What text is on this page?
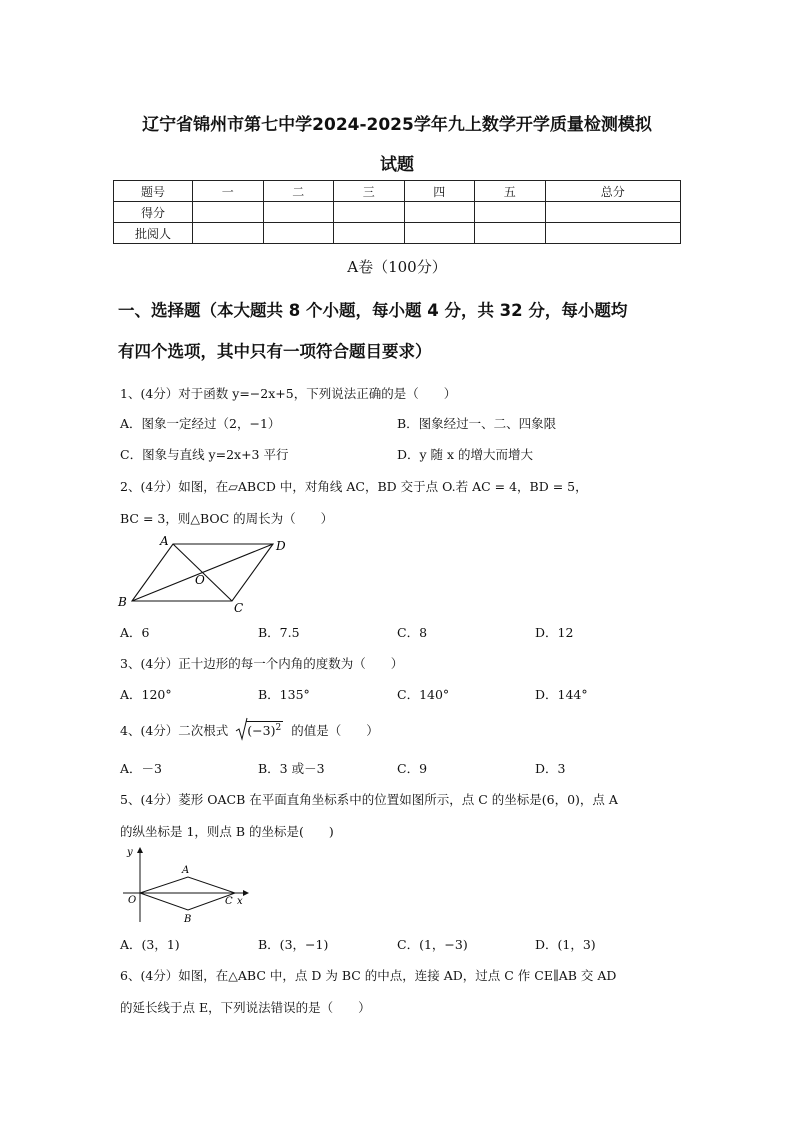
辽宁省锦州市第七中学2024-2025学年九上数学开学质量检测模拟
试题
题号	一	二	三	四	五	总分
得分						
批阅人						
A卷（100分）
一、选择题（本大题共 8 个小题，每小题 4 分，共 32 分，每小题均
有四个选项，其中只有一项符合题目要求）
1、(4分）对于函数 y=−2x+5，下列说法正确的是（　　）
A．图象一定经过（2，−1）	B．图象经过一、二、四象限
C．图象与直线 y=2x+3 平行	D．y 随 x 的增大而增大
2、(4分）如图，在▱ABCD 中，对角线 AC，BD 交于点 O.若 AC = 4，BD = 5，
BC = 3，则△BOC 的周长为（　　）
A	D
B	C
O
A．6	B．7.5	C．8	D．12
3、(4分）正十边形的每一个内角的度数为（　　）
A．120°	B．135°	C．140°	D．144°
4、(4分）二次根式 $(-3)^2$ 的值是（　　）
A．－3	B．3 或－3	C．9	D．3
5、(4分）菱形 OACB 在平面直角坐标系中的位置如图所示，点 C 的坐标是(6，0)，点 A
的纵坐标是 1，则点 B 的坐标是(　　)
y
x
O
A
B
C
A．(3，1)	B．(3，−1)	C．(1，−3)	D．(1，3)
6、(4分）如图，在△ABC 中，点 D 为 BC 的中点，连接 AD，过点 C 作 CE∥AB 交 AD
的延长线于点 E，下列说法错误的是（　　）
